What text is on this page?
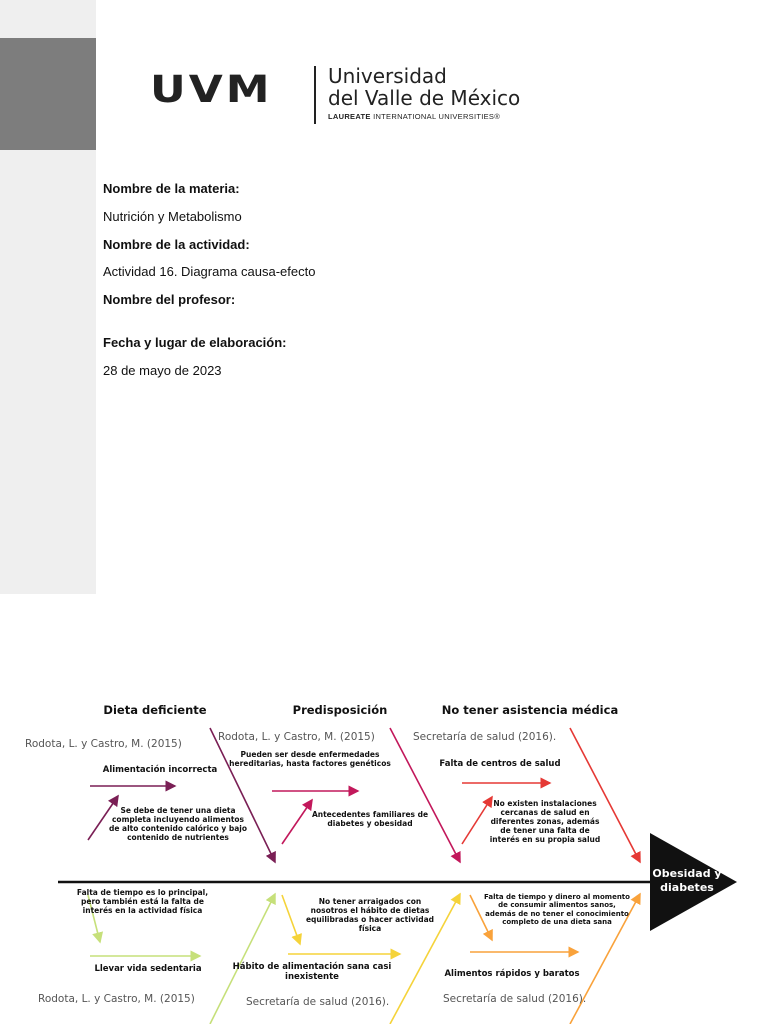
UVM	Universidad
del Valle de México
LAUREATE INTERNATIONAL UNIVERSITIES®
Nombre de la materia:
Nutrición y Metabolismo
Nombre de la actividad:
Actividad 16. Diagrama causa-efecto
Nombre del profesor:
Fecha y lugar de elaboración:
28 de mayo de 2023
Dieta deficiente	Predisposición	No tener asistencia médica
Rodota, L. y Castro, M. (2015)
Rodota, L. y Castro, M. (2015)	Secretaría de salud (2016).
Alimentación incorrecta
Se debe de tener una dieta completa incluyendo alimentos de alto contenido calórico y bajo contenido de nutrientes
Pueden ser desde enfermedades hereditarias, hasta factores genéticos
Antecedentes familiares de diabetes y obesidad
Falta de centros de salud
No existen instalaciones cercanas de salud en diferentes zonas, además de tener una falta de interés en su propia salud
Obesidad y diabetes
Falta de tiempo es lo principal, pero también está la falta de interés en la actividad física
Llevar vida sedentaria
No tener arraigados con nosotros el hábito de dietas equilibradas o hacer actividad física
Hábito de alimentación sana casi inexistente
Falta de tiempo y dinero al momento de consumir alimentos sanos, además de no tener el conocimiento completo de una dieta sana
Alimentos rápidos y baratos
Rodota, L. y Castro, M. (2015)	Secretaría de salud (2016).	Secretaría de salud (2016).
